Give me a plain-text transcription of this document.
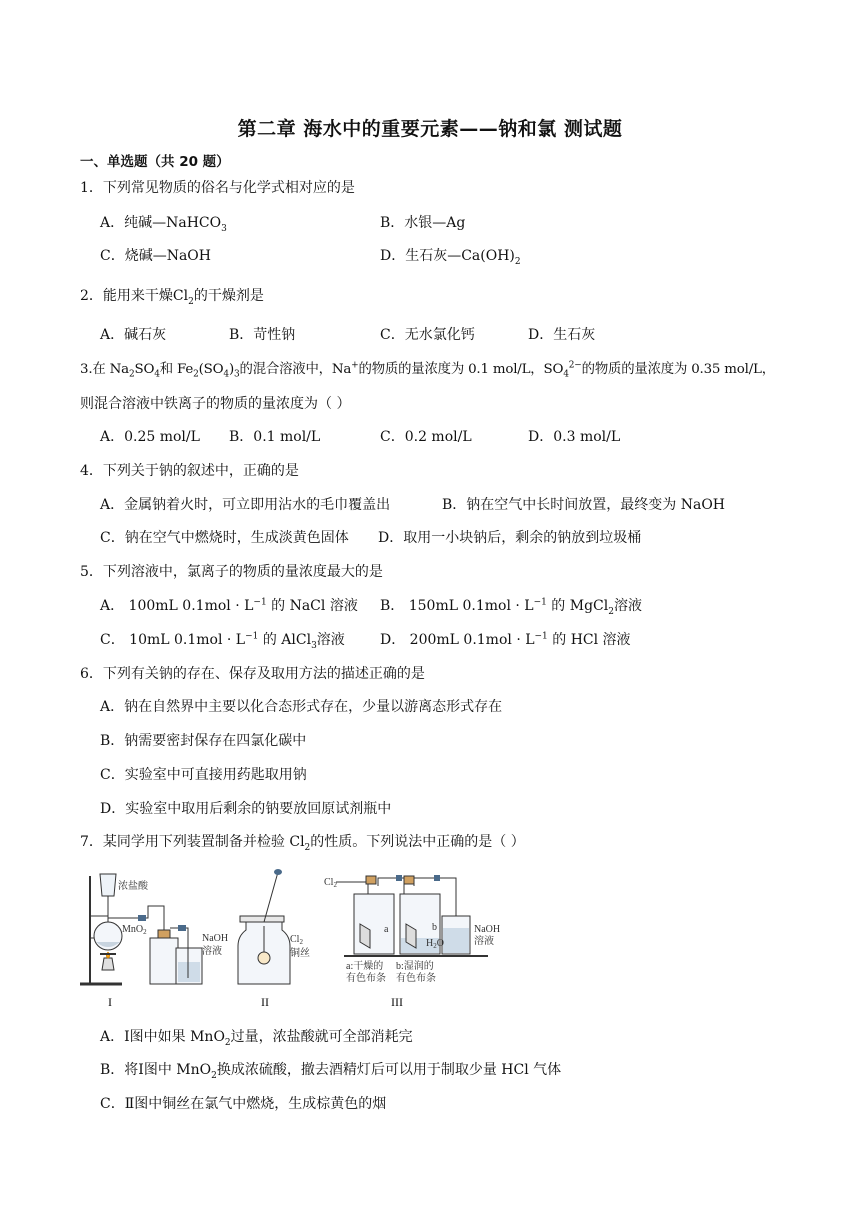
第二章 海水中的重要元素——钠和氯 测试题
一、单选题（共 20 题）
1．下列常见物质的俗名与化学式相对应的是
A．纯碱—NaHCO$_3$	B．水银—Ag
C．烧碱—NaOH	D．生石灰$—Ca(OH)_2$
2．能用来干燥$Cl_2$的干燥剂是
A．碱石灰	B．苛性钠	C．无水氯化钙	D．生石灰
3.在 $Na_2SO_4$和 $Fe_2(SO_4)_3$的混合溶液中，Na+的物质的量浓度为 0.1 mol/L，$SO_4^{2-}$的物质的量浓度为 0.35 mol/L，
则混合溶液中铁离子的物质的量浓度为（ ）
A．0.25 mol/L B．0.1 mol/L	C．0.2 mol/L	D．0.3 mol/L
4．下列关于钠的叙述中，正确的是
A．金属钠着火时，可立即用沾水的毛巾覆盖出	B．钠在空气中长时间放置，最终变为 NaOH
C．钠在空气中燃烧时，生成淡黄色固体 D．取用一小块钠后，剩余的钠放到垃圾桶
5．下列溶液中，氯离子的物质的量浓度最大的是
A． 100mL $0.1mol \cdot L^{-1}$ 的 NaCl 溶液 B． 150mL $0.1mol \cdot L^{-1}$ 的 MgCl$_2$溶液
C． 10mL $0.1mol \cdot L^{-1}$ 的 AlCl$_3$溶液	D． 200mL $0.1mol \cdot L^{-1}$ 的 HCl 溶液
6．下列有关钠的存在、保存及取用方法的描述正确的是
A．钠在自然界中主要以化合态形式存在，少量以游离态形式存在
B．钠需要密封保存在四氯化碳中
C．实验室中可直接用药匙取用钠
D．实验室中取用后剩余的钠要放回原试剂瓶中
7．某同学用下列装置制备并检验 $Cl_2$的性质。下列说法中正确的是（ ）
浓盐酸
MnO$_2$
NaOH
溶液
I
$Cl_2$
铜丝
II
$Cl_2$
a	b
$H_2O$
NaOH
溶液
a:干燥的
有色布条
b:湿润的
有色布条
III
A．Ⅰ图中如果 MnO$_2$过量，浓盐酸就可全部消耗完
B．将Ⅰ图中 MnO$_2$换成浓硫酸，撤去酒精灯后可以用于制取少量 HCl 气体
C．Ⅱ图中铜丝在氯气中燃烧，生成棕黄色的烟
